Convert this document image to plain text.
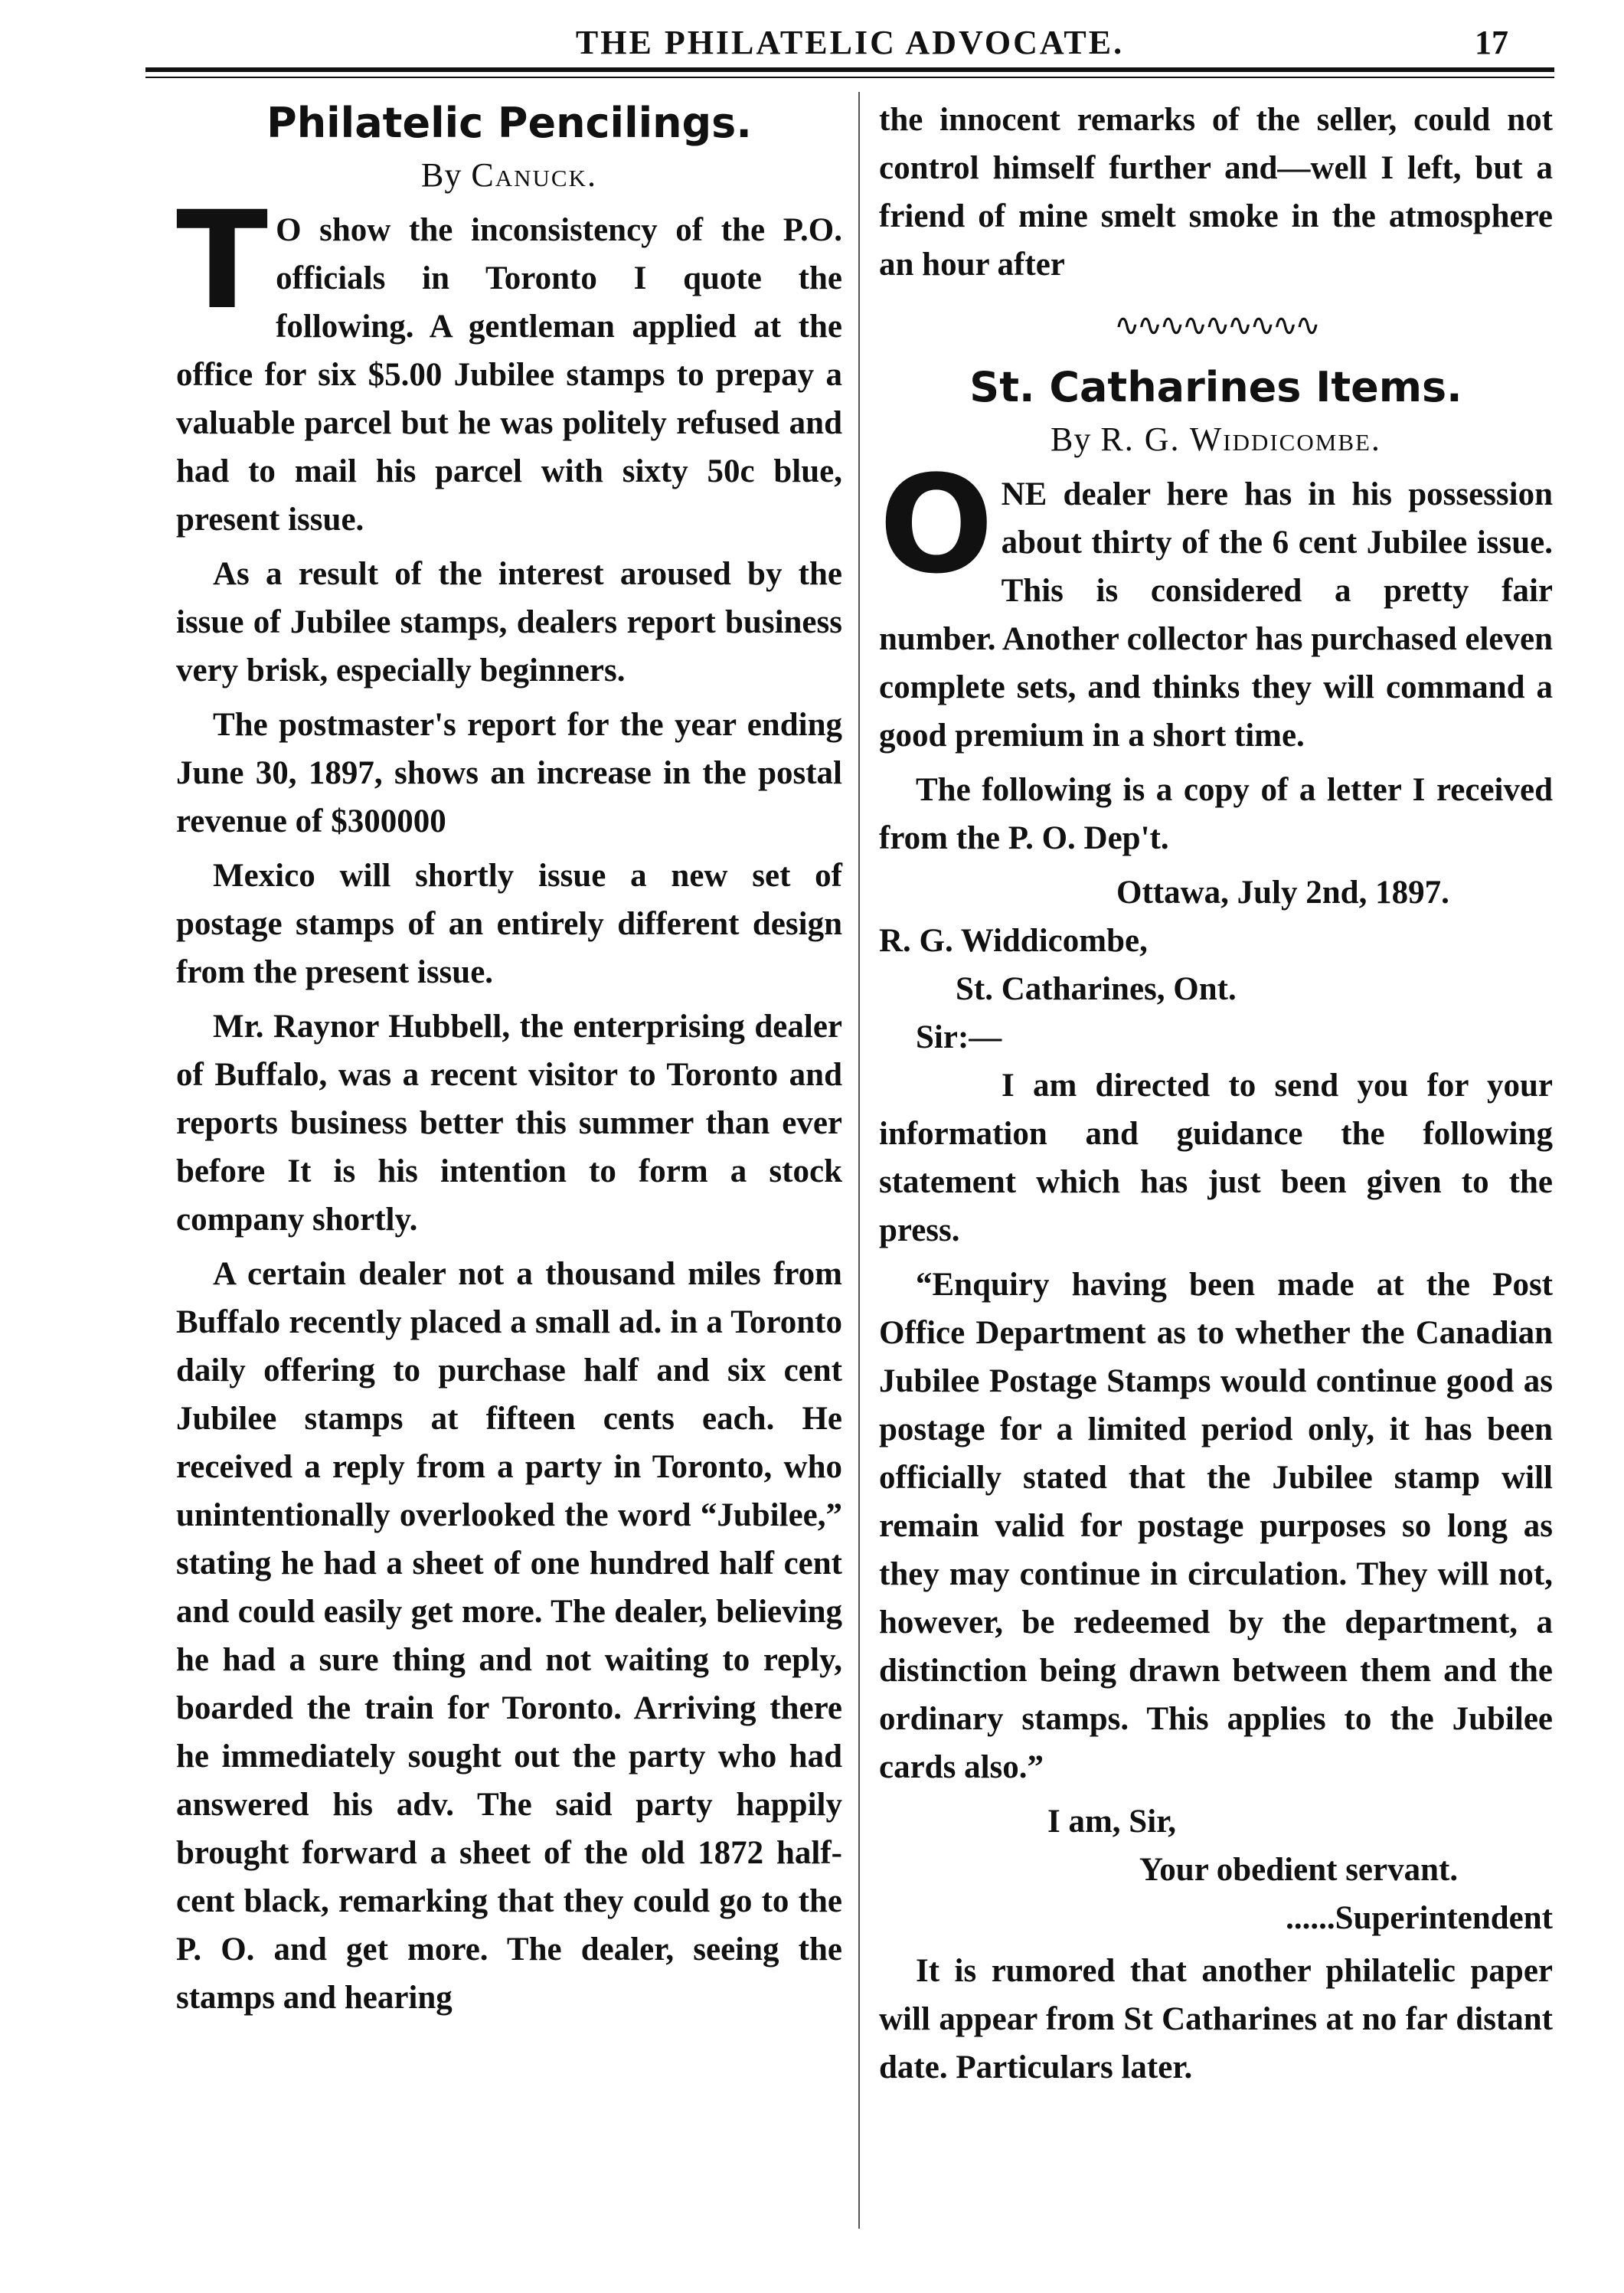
THE PHILATELIC ADVOCATE.	17
Philatelic Pencilings.
By Canuck.

T O show the inconsistency of the P.O. officials in Toronto I quote the following. A gentleman applied at the office for six $5.00 Jubilee stamps to prepay a valuable parcel but he was politely refused and had to mail his parcel with sixty 50c blue, present issue.

As a result of the interest aroused by the issue of Jubilee stamps, dealers report business very brisk, especially beginners.

The postmaster's report for the year ending June 30, 1897, shows an increase in the postal revenue of $300000

Mexico will shortly issue a new set of postage stamps of an entirely different design from the present issue.

Mr. Raynor Hubbell, the enterprising dealer of Buffalo, was a recent visitor to Toronto and reports business better this summer than ever before It is his intention to form a stock company shortly.

A certain dealer not a thousand miles from Buffalo recently placed a small ad. in a Toronto daily offering to purchase half and six cent Jubilee stamps at fifteen cents each. He received a reply from a party in Toronto, who unintentionally overlooked the word “Jubilee,” stating he had a sheet of one hundred half cent and could easily get more. The dealer, believing he had a sure thing and not waiting to reply, boarded the train for Toronto. Arriving there he immediately sought out the party who had answered his adv. The said party happily brought forward a sheet of the old 1872 half-cent black, remarking that they could go to the P. O. and get more. The dealer, seeing the stamps and hearing

the innocent remarks of the seller, could not control himself further and—well I left, but a friend of mine smelt smoke in the atmosphere an hour after

∿∿∿∿∿∿∿∿∿
St. Catharines Items.
By R. G. Widdicombe.

O NE dealer here has in his possession about thirty of the 6 cent Jubilee issue. This is considered a pretty fair number. Another collector has purchased eleven complete sets, and thinks they will command a good premium in a short time.

The following is a copy of a letter I received from the P. O. Dep't.

Ottawa, July 2nd, 1897.

R. G. Widdicombe,

St. Catharines, Ont.

Sir:—

I am directed to send you for your information and guidance the following statement which has just been given to the press.

“Enquiry having been made at the Post Office Department as to whether the Canadian Jubilee Postage Stamps would continue good as postage for a limited period only, it has been officially stated that the Jubilee stamp will remain valid for postage purposes so long as they may continue in circulation. They will not, however, be redeemed by the department, a distinction being drawn between them and the ordinary stamps. This applies to the Jubilee cards also.”

I am, Sir,

Your obedient servant.

......Superintendent

It is rumored that another philatelic paper will appear from St Catharines at no far distant date. Particulars later.
